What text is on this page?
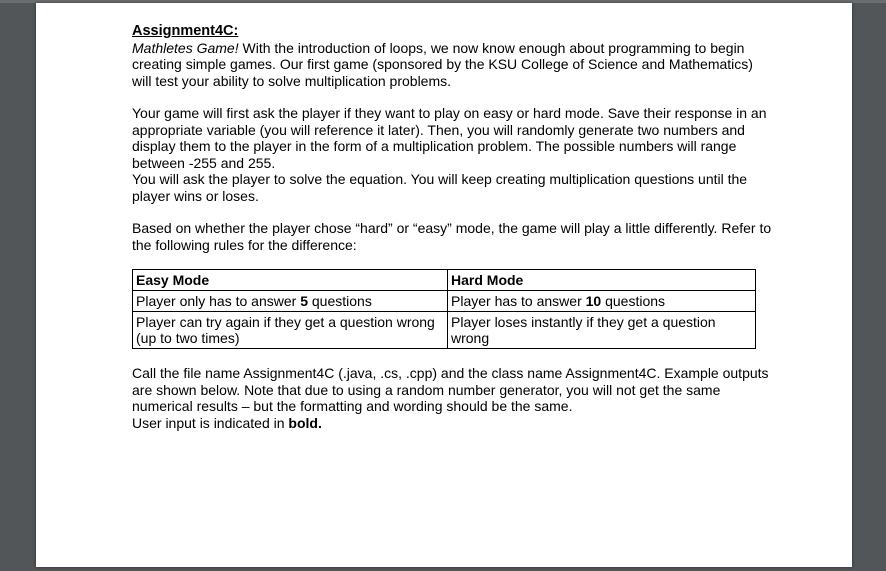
Assignment4C:

Mathletes Game! With the introduction of loops, we now know enough about programming to begin creating simple games. Our first game (sponsored by the KSU College of Science and Mathematics) will test your ability to solve multiplication problems.

Your game will first ask the player if they want to play on easy or hard mode. Save their response in an appropriate variable (you will reference it later). Then, you will randomly generate two numbers and display them to the player in the form of a multiplication problem. The possible numbers will range between -255 and 255.

You will ask the player to solve the equation. You will keep creating multiplication questions until the player wins or loses.

Based on whether the player chose “hard” or “easy” mode, the game will play a little differently. Refer to the following rules for the difference:

Easy Mode	Hard Mode
Player only has to answer 5 questions	Player has to answer 10 questions
Player can try again if they get a question wrong (up to two times)	Player loses instantly if they get a question wrong

Call the file name Assignment4C (.java, .cs, .cpp) and the class name Assignment4C. Example outputs are shown below. Note that due to using a random number generator, you will not get the same numerical results – but the formatting and wording should be the same.

User input is indicated in bold.
